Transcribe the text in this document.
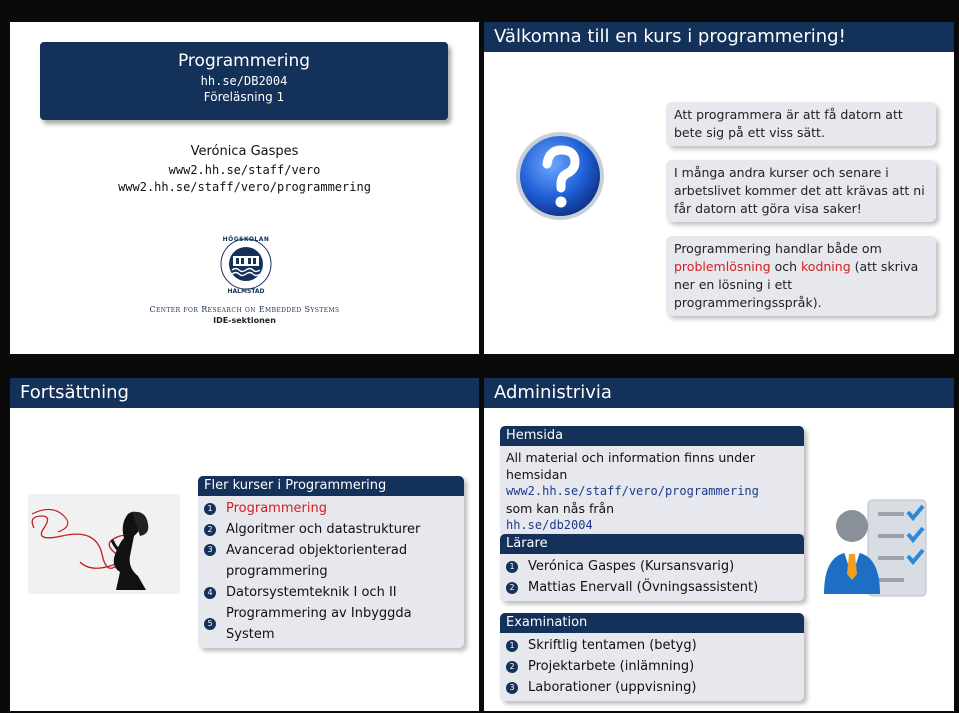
Programmering
hh.se/DB2004
Föreläsning 1
Verónica Gaspes
www2.hh.se/staff/vero
www2.hh.se/staff/vero/programmering
HÖGSKOLAN
HALMSTAD
Center for Research on Embedded Systems
IDE-sektionen
Välkomna till en kurs i programmering!
Att programmera är att få datorn att bete sig på ett viss sätt.
I många andra kurser och senare i arbetslivet kommer det att krävas att ni får datorn att göra visa saker!
Programmering handlar både om problemlösning och kodning (att skriva ner en lösning i ett programmeringsspråk).
Fortsättning
Fler kurser i Programmering
1 Programmering
2 Algoritmer och datastrukturer
3 Avancerad objektorienterad programmering
4 Datorsystemteknik I och II
5
Programmering av Inbyggda System
Administrivia
Hemsida
All material och information finns under hemsidan
www2.hh.se/staff/vero/programmering
som kan nås från
hh.se/db2004
Lärare
1 Verónica Gaspes (Kursansvarig)
2 Mattias Enervall (Övningsassistent)
Examination
1 Skriftlig tentamen (betyg)
2 Projektarbete (inlämning)
3 Laborationer (uppvisning)
